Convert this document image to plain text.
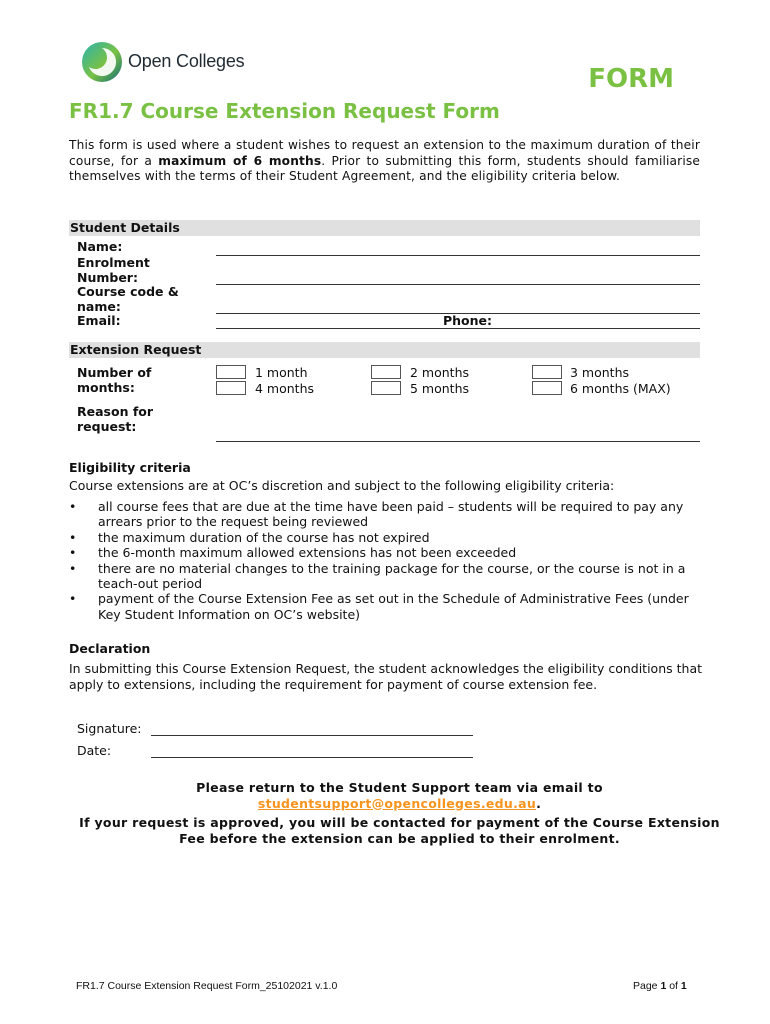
Open Colleges
FORM
FR1.7 Course Extension Request Form
This form is used where a student wishes to request an extension to the maximum duration of their course, for a maximum of 6 months. Prior to submitting this form, students should familiarise themselves with the terms of their Student Agreement, and the eligibility criteria below.
Student Details
Name:
Enrolment Number:
Course code & name:
Email:	Phone:
Extension Request
Number of months:
1 month
4 months
2 months
5 months
3 months
6 months (MAX)
Reason for request:
Eligibility criteria
Course extensions are at OC’s discretion and subject to the following eligibility criteria:
• all course fees that are due at the time have been paid – students will be required to pay any arrears prior to the request being reviewed
• the maximum duration of the course has not expired
• the 6-month maximum allowed extensions has not been exceeded
• there are no material changes to the training package for the course, or the course is not in a teach-out period
• payment of the Course Extension Fee as set out in the Schedule of Administrative Fees (under Key Student Information on OC’s website)
Declaration
In submitting this Course Extension Request, the student acknowledges the eligibility conditions that apply to extensions, including the requirement for payment of course extension fee.
Signature:
Date:
Please return to the Student Support team via email to
studentsupport@opencolleges.edu.au.
If your request is approved, you will be contacted for payment of the Course Extension Fee before the extension can be applied to their enrolment.
FR1.7 Course Extension Request Form_25102021 v.1.0	Page 1 of 1
